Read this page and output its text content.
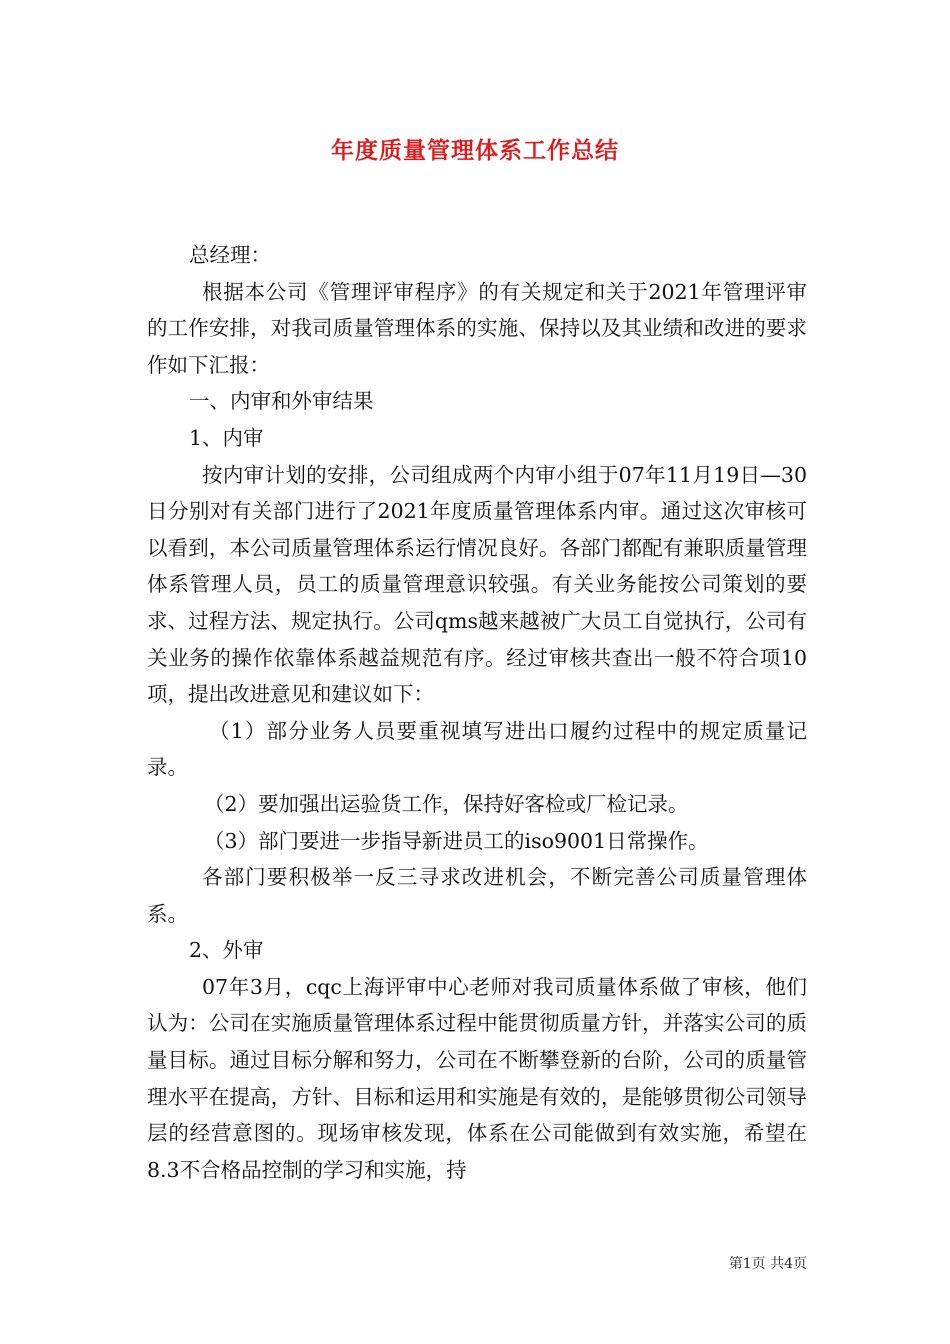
年度质量管理体系工作总结

总经理：

根据本公司《管理评审程序》的有关规定和关于2021年管理评审的工作安排，对我司质量管理体系的实施、保持以及其业绩和改进的要求作如下汇报：

一、内审和外审结果

1、内审

按内审计划的安排，公司组成两个内审小组于07年11月19日—30日分别对有关部门进行了2021年度质量管理体系内审。通过这次审核可以看到，本公司质量管理体系运行情况良好。各部门都配有兼职质量管理体系管理人员，员工的质量管理意识较强。有关业务能按公司策划的要求、过程方法、规定执行。公司qms越来越被广大员工自觉执行，公司有关业务的操作依靠体系越益规范有序。经过审核共查出一般不符合项10项，提出改进意见和建议如下：

（1）部分业务人员要重视填写进出口履约过程中的规定质量记录。

（2）要加强出运验货工作，保持好客检或厂检记录。

（3）部门要进一步指导新进员工的iso9001日常操作。

各部门要积极举一反三寻求改进机会，不断完善公司质量管理体系。

2、外审

07年3月，cqc上海评审中心老师对我司质量体系做了审核，他们认为：公司在实施质量管理体系过程中能贯彻质量方针，并落实公司的质量目标。通过目标分解和努力，公司在不断攀登新的台阶，公司的质量管理水平在提高，方针、目标和运用和实施是有效的，是能够贯彻公司领导层的经营意图的。现场审核发现，体系在公司能做到有效实施，希望在8.3不合格品控制的学习和实施，持

第1页 共4页
